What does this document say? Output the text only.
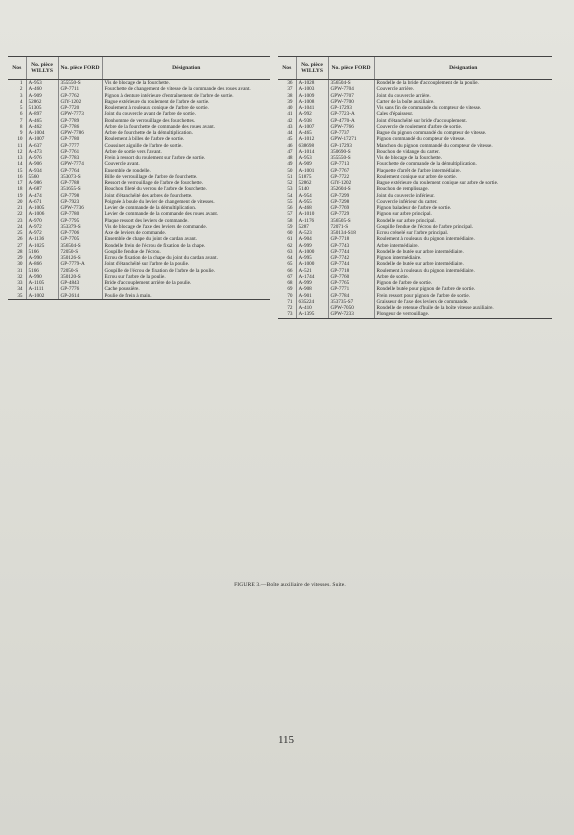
Nos	No. pièce WILLYS	No. pièce FORD	Désignation
1	A-953	355550-S	Vis de blocage de la fourchette.
2	A-460	GP-7711	Fourchette de changement de vitesse de la commande des roues avant.
3	A-909	GP-7762	Pignon à denture intérieure d'entraînement de l'arbre de sortie.
4	52862	GIY-1202	Bague extérieure du roulement de l'arbre de sortie.
5	51305	GP-7720	Roulement à rouleaux conique de l'arbre de sortie.
6	A-897	GPW-7773	Joint du couvercle avant de l'arbre de sortie.
7	A-465	GP-7789	Bonhomme de verrouillage des fourchettes.
8	A-462	GP-7786	Arbre de la fourchette de commande des roues avant.
9	A-1004	GPW-7786	Arbre de fourchette de la démultiplication.
10	A-1007	GP-7780	Roulement à billes de l'arbre de sortie.
11	A-637	GP-7777	Coussinet aiguille de l'arbre de sortie.
12	A-473	GP-7761	Arbre de sortie vers l'avant.
13	A-976	GP-7783	Frein à ressort du roulement sur l'arbre de sortie.
14	A-906	GPW-7774	Couvercle avant.
15	A-934	GP-7764	Ensemble de rondelle.
16	5560	353073-S	Bille de verrouillage de l'arbre de fourchette.
17	A-986	GP-7788	Ressort de verrouillage de l'arbre de fourchette.
18	A-687	351655-S	Bouchon fileté du verrou de l'arbre de fourchette.
19	A-474	GP-7798	Joint d'étanchéité des arbres de fourchette.
20	A-671	GP-7923	Poignée à boule du levier de changement de vitesses.
21	A-1005	GPW-7736	Levier de commande de la démultiplication.
22	A-1006	GP-7780	Levier de commande de la commande des roues avant.
23	A-970	GP-7795	Plaque ressort des leviers de commande.
24	A-972	353379-S	Vis de blocage de l'axe des leviers de commande.
25	A-972	GP-7706	Axe de leviers de commande.
26	A-1136	GP-7705	Ensemble de chape du joint de cardan avant.
27	A-1025	356504-S	Rondelle frein de l'écrou de fixation de la chape.
28	5166	72050-S	Goupille fendue de l'écrou.
29	A-990	350126-S	Écrou de fixation de la chape du joint du cardan avant.
30	A-866	GP-7779-A	Joint d'étanchéité sur l'arbre de la poulie.
31	5166	72050-S	Goupille de l'écrou de fixation de l'arbre de la poulie.
32	A-990	350120-S	Écrou sur l'arbre de la poulie.
33	A-1105	GP-4843	Bride d'accouplement arrière de la poulie.
34	A-1111	GP-7776	Cache poussière.
35	A-1002	GP-2614	Poulie de frein à main.
Nos	No. pièce WILLYS	No. pièce FORD	Désignation
36	A-1028	356504-S	Rondelle de la bride d'accouplement de la poulie.
37	A-1003	GPW-7704	Couvercle arrière.
38	A-1009	GPW-7707	Joint du couvercle arrière.
39	A-1008	GPW-7700	Carter de la boîte auxiliaire.
40	A-1041	GP-17293	Vis sans fin de commande du compteur de vitesse.
41	A-992	GP-7723-A	Cales d'épaisseur.
42	A-938	GP-4770-A	Joint d'étanchéité sur bride d'accouplement.
43	A-1007	GPW-7766	Couvercle de roulement d'arbre de sortie.
44	A-465	GP-7737	Bague du pignon commandé du compteur de vitesse.
45	A-1012	GPW-17271	Pignon commandé du compteur de vitesse.
46	638698	GP-17293	Manchon du pignon commandé du compteur de vitesse.
47	A-1014	350690-S	Bouchon de vidange du carter.
48	A-953	355550-S	Vis de blocage de la fourchette.
49	A-909	GP-7713	Fourchette de commande de la démultiplication.
50	A-1001	GP-7767	Plaquette d'arrêt de l'arbre intermédiaire.
51	51875	GP-7722	Roulement conique sur arbre de sortie.
52	52862	GIY-1202	Bague extérieure du roulement conique sur arbre de sortie.
53	5140	352604-S	Bouchon de remplissage.
54	A-954	GP-7299	Joint du couvercle inférieur.
55	A-955	GP-7298	Couvercle inférieur du carter.
56	A-468	GP-7769	Pignon baladeur de l'arbre de sortie.
57	A-1010	GP-7729	Pignon sur arbre principal.
58	A-1176	356505-S	Rondelle sur arbre principal.
59	5287	72071-S	Goupille fendue de l'écrou de l'arbre principal.
60	A-523	350134-S18	Écrou crénelé sur l'arbre principal.
61	A-904	GP-7718	Roulement à rouleaux du pignon intermédiaire.
62	A-999	GP-7743	Arbre intermédiaire.
63	A-1000	GP-7744	Rondelle de butée sur arbre intermédiaire.
64	A-995	GP-7742	Pignon intermédiaire.
65	A-1000	GP-7744	Rondelle de butée sur arbre intermédiaire.
66	A-521	GP-7718	Roulement à rouleaux du pignon intermédiaire.
67	A-1744	GP-7760	Arbre de sortie.
68	A-999	GP-7765	Pignon de l'arbre de sortie.
69	A-908	GP-7771	Rondelle butée pour pignon de l'arbre de sortie.
70	A-901	GP-7784	Frein ressort pour pignon de l'arbre de sortie.
71	635224	353735-S7	Graisseur de l'axe des leviers de commande.
72	A-410	GPW-7050	Rondelle de retenue d'huile de la boîte vitesse auxiliaire.
73	A-1395	GPW-7233	Plongeur de verrouillage.
FIGURE 3.—Boîte auxiliaire de vitesses. Suite.
115
